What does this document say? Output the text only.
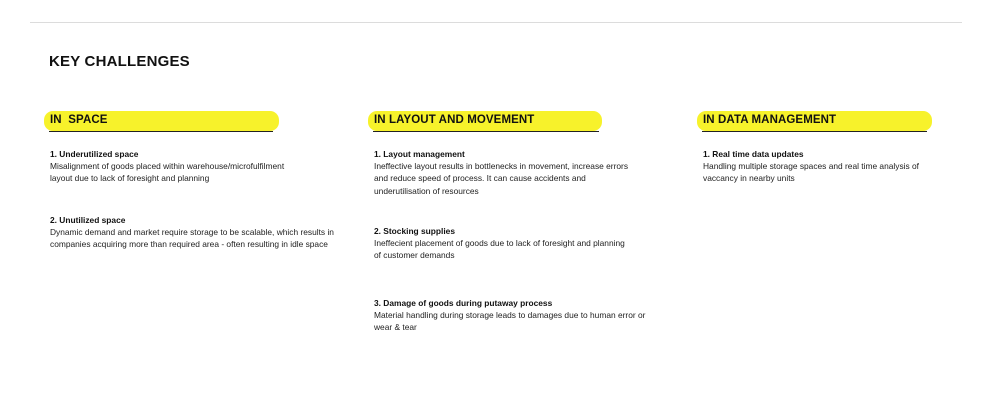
KEY CHALLENGES
IN  SPACE
1. Underutilized space
Misalignment of goods placed within warehouse/microfulfilment layout due to lack of foresight and planning
2. Unutilized space
Dynamic demand and market require storage to be scalable, which results in companies acquiring more than required area - often resulting in idle space
IN LAYOUT AND MOVEMENT
1. Layout management
Ineffective layout results in bottlenecks in movement, increase errors and reduce speed of process. It can cause accidents and underutilisation of resources
2. Stocking supplies
Ineffecient placement of goods due to lack of foresight and planning of customer demands
3. Damage of goods during putaway process
Material handling during storage leads to damages due to human error or wear & tear
IN DATA MANAGEMENT
1. Real time data updates
Handling multiple storage spaces and real time analysis of vaccancy in nearby units
